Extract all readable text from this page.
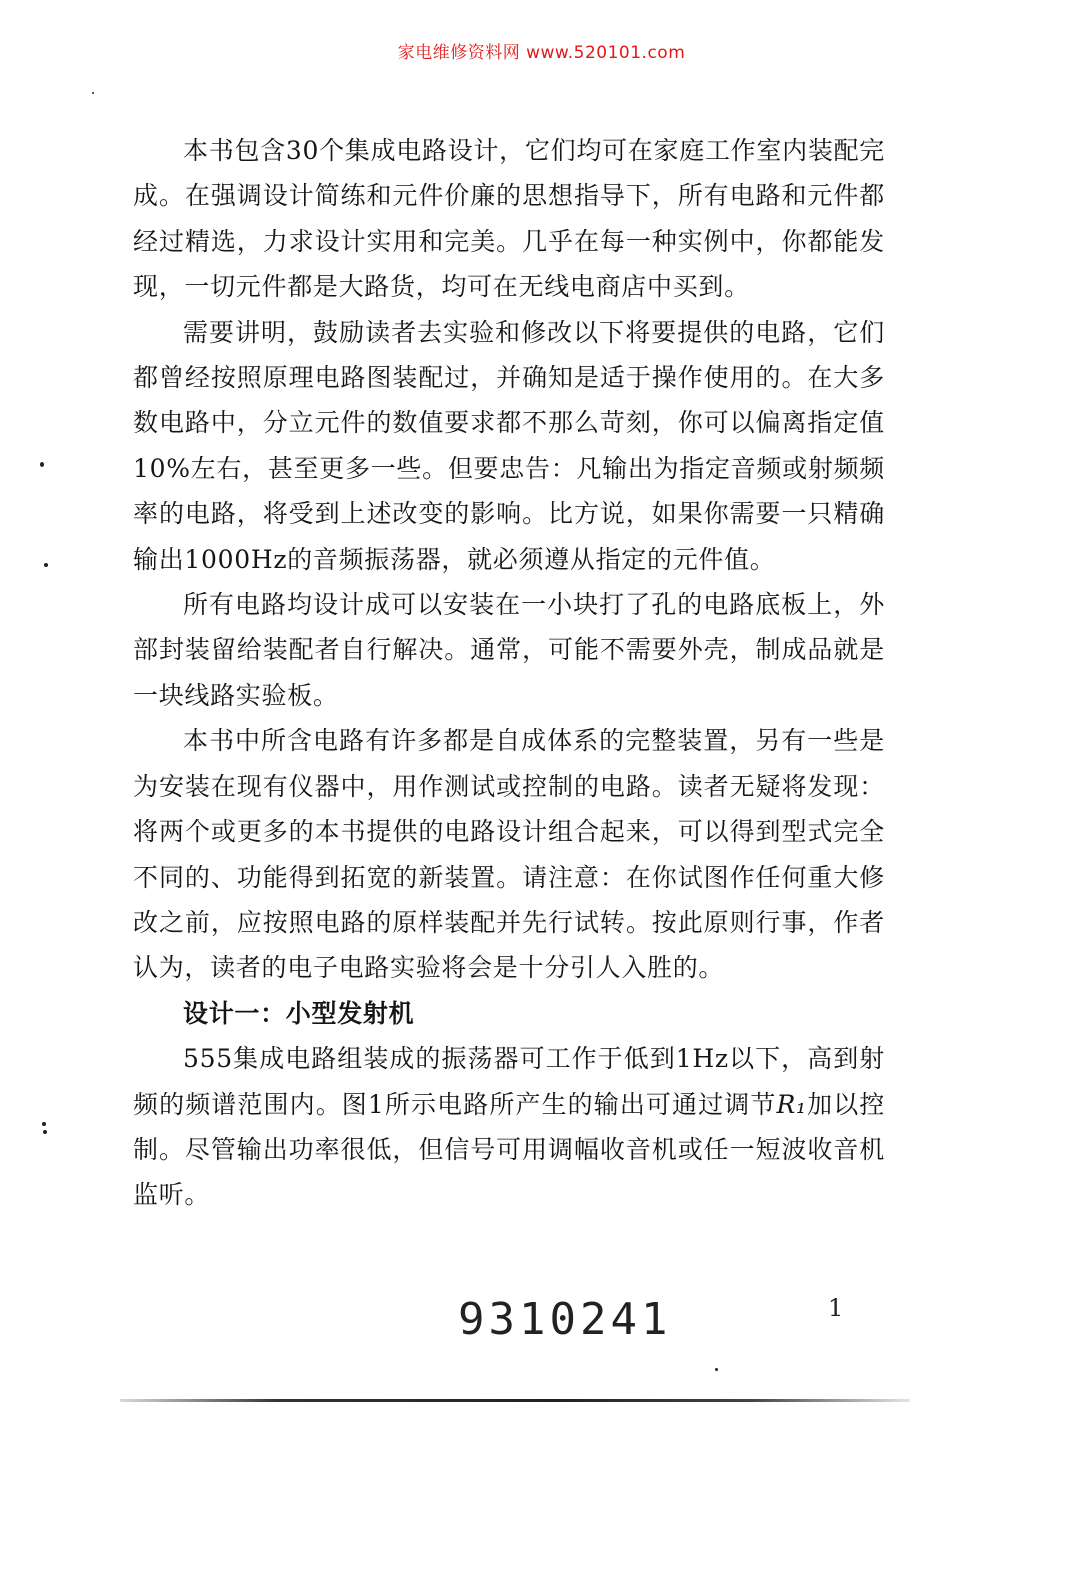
家电维修资料网 www.520101.com

本书包含30个集成电路设计，它们均可在家庭工作室内装配完成。在强调设计简练和元件价廉的思想指导下，所有电路和元件都经过精选，力求设计实用和完美。几乎在每一种实例中，你都能发现，一切元件都是大路货，均可在无线电商店中买到。

需要讲明，鼓励读者去实验和修改以下将要提供的电路，它们都曾经按照原理电路图装配过，并确知是适于操作使用的。在大多数电路中，分立元件的数值要求都不那么苛刻，你可以偏离指定值10%左右，甚至更多一些。但要忠告：凡输出为指定音频或射频频率的电路，将受到上述改变的影响。比方说，如果你需要一只精确输出1000Hz的音频振荡器，就必须遵从指定的元件值。

所有电路均设计成可以安装在一小块打了孔的电路底板上，外部封装留给装配者自行解决。通常，可能不需要外壳，制成品就是一块线路实验板。

本书中所含电路有许多都是自成体系的完整装置，另有一些是为安装在现有仪器中，用作测试或控制的电路。读者无疑将发现：将两个或更多的本书提供的电路设计组合起来，可以得到型式完全不同的、功能得到拓宽的新装置。请注意：在你试图作任何重大修改之前，应按照电路的原样装配并先行试转。按此原则行事，作者认为，读者的电子电路实验将会是十分引人入胜的。

设计一：小型发射机

555集成电路组装成的振荡器可工作于低到1Hz以下，高到射频的频谱范围内。图1所示电路所产生的输出可通过调节R₁加以控制。尽管输出功率很低，但信号可用调幅收音机或任一短波收音机监听。

9310241	1
